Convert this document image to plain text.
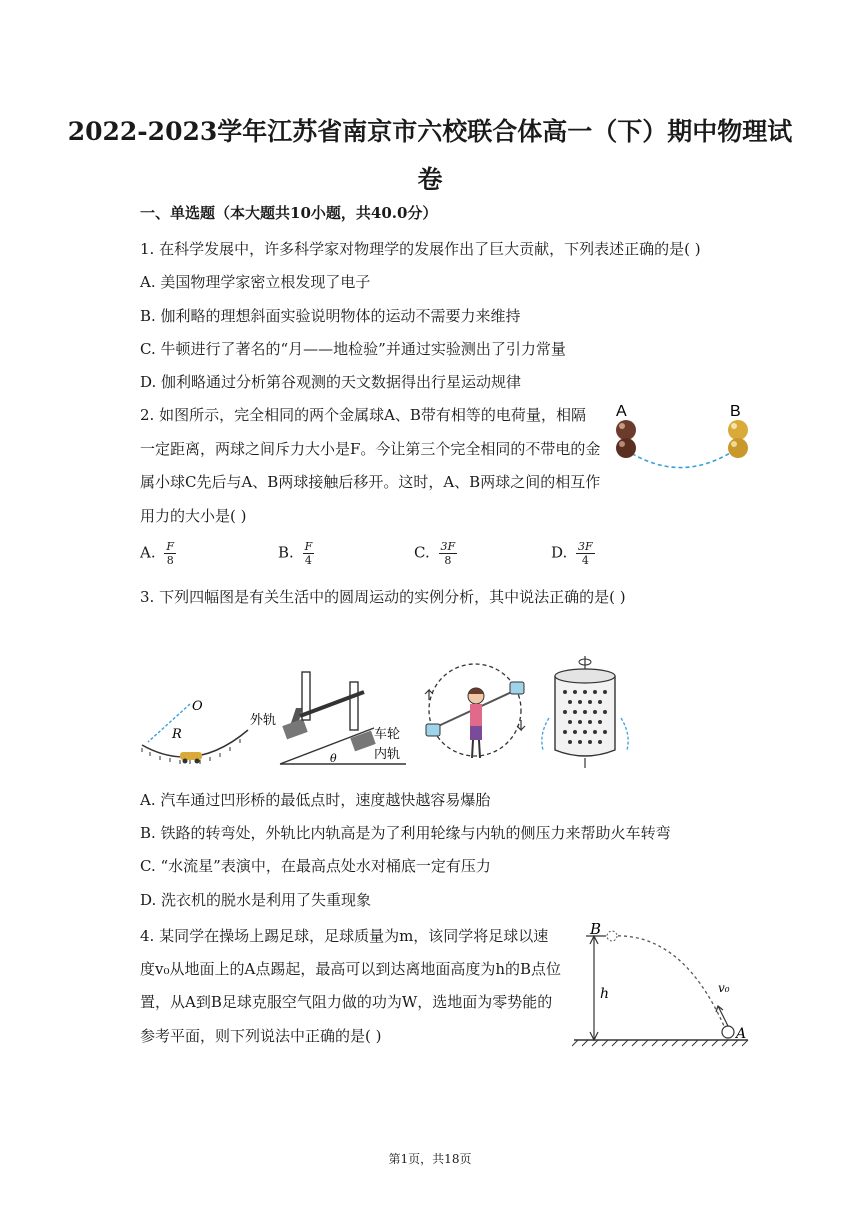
2022-2023学年江苏省南京市六校联合体高一（下）期中物理试卷
一、单选题（本大题共10小题，共40.0分）
1. 在科学发展中，许多科学家对物理学的发展作出了巨大贡献，下列表述正确的是( )
A. 美国物理学家密立根发现了电子
B. 伽利略的理想斜面实验说明物体的运动不需要力来维持
C. 牛顿进行了著名的“月——地检验”并通过实验测出了引力常量
D. 伽利略通过分析第谷观测的天文数据得出行星运动规律
2. 如图所示，完全相同的两个金属球A、B带有相等的电荷量，相隔
一定距离，两球之间斥力大小是F。今让第三个完全相同的不带电的金
属小球C先后与A、B两球接触后移开。这时，A、B两球之间的相互作
用力的大小是( )
A. $\frac{F}{8}$	B. $\frac{F}{4}$	C. $\frac{3F}{8}$	D. $\frac{3F}{4}$
A	B
3. 下列四幅图是有关生活中的圆周运动的实例分析，其中说法正确的是( )
O
R
外轨
车轮
内轨
θ
A. 汽车通过凹形桥的最低点时，速度越快越容易爆胎
B. 铁路的转弯处，外轨比内轨高是为了利用轮缘与内轨的侧压力来帮助火车转弯
C. “水流星”表演中，在最高点处水对桶底一定有压力
D. 洗衣机的脱水是利用了失重现象
4. 某同学在操场上踢足球，足球质量为m，该同学将足球以速
度v₀从地面上的A点踢起，最高可以到达离地面高度为h的B点位
置，从A到B足球克服空气阻力做的功为W，选地面为零势能的
参考平面，则下列说法中正确的是( )
B
h	v₀
A
第1页，共18页
